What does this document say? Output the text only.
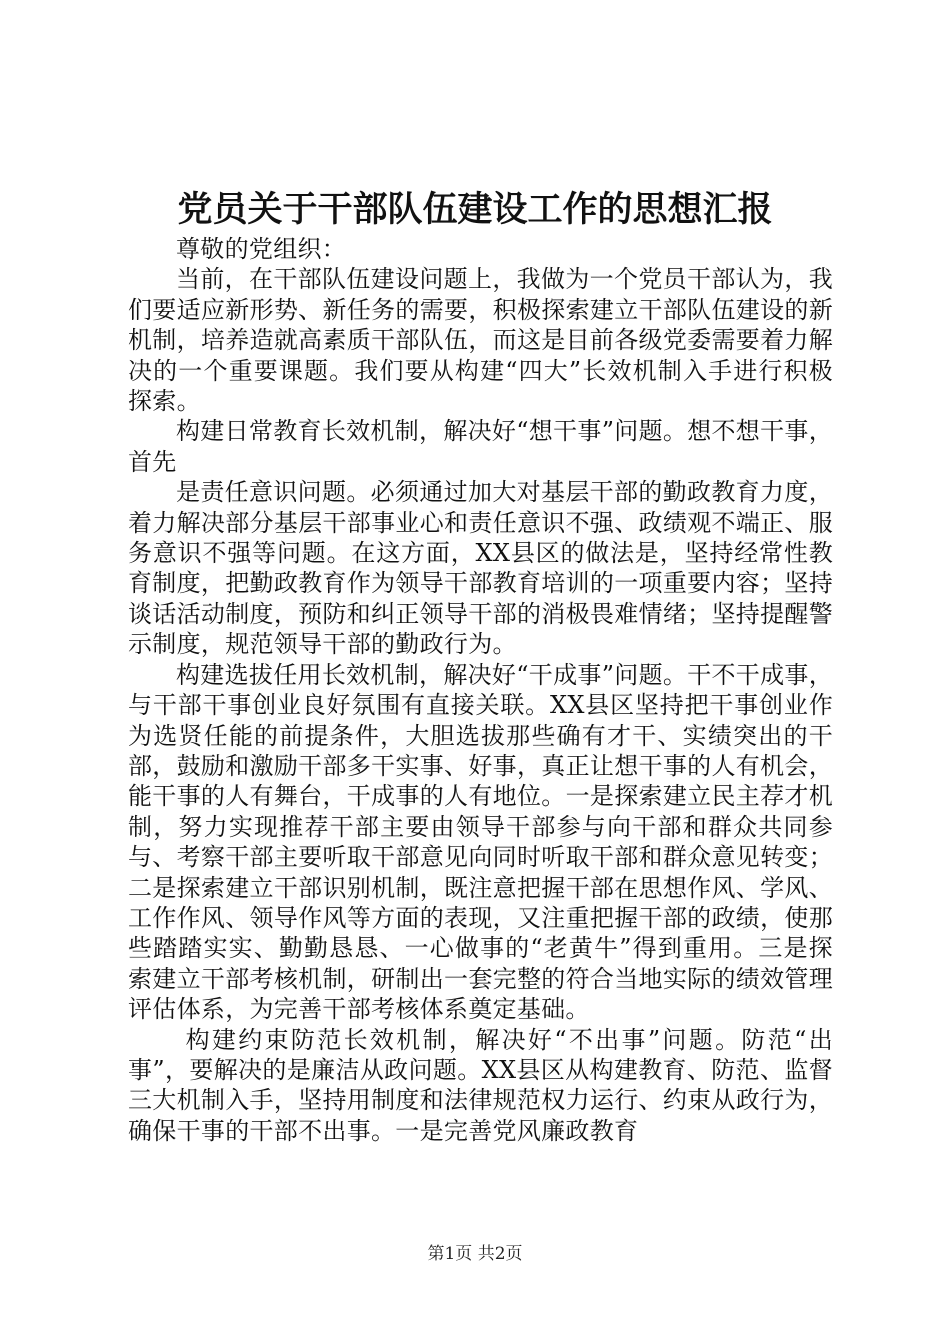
党员关于干部队伍建设工作的思想汇报

尊敬的党组织：

当前，在干部队伍建设问题上，我做为一个党员干部认为，我们要适应新形势、新任务的需要，积极探索建立干部队伍建设的新机制，培养造就高素质干部队伍，而这是目前各级党委需要着力解决的一个重要课题。我们要从构建“四大”长效机制入手进行积极探索。

构建日常教育长效机制，解决好“想干事”问题。想不想干事，首先

是责任意识问题。必须通过加大对基层干部的勤政教育力度，着力解决部分基层干部事业心和责任意识不强、政绩观不端正、服务意识不强等问题。在这方面，XX县区的做法是，坚持经常性教育制度，把勤政教育作为领导干部教育培训的一项重要内容；坚持谈话活动制度，预防和纠正领导干部的消极畏难情绪；坚持提醒警示制度，规范领导干部的勤政行为。

构建选拔任用长效机制，解决好“干成事”问题。干不干成事，与干部干事创业良好氛围有直接关联。XX县区坚持把干事创业作为选贤任能的前提条件，大胆选拔那些确有才干、实绩突出的干部，鼓励和激励干部多干实事、好事，真正让想干事的人有机会，能干事的人有舞台，干成事的人有地位。一是探索建立民主荐才机制，努力实现推荐干部主要由领导干部参与向干部和群众共同参与、考察干部主要听取干部意见向同时听取干部和群众意见转变；二是探索建立干部识别机制，既注意把握干部在思想作风、学风、工作作风、领导作风等方面的表现，又注重把握干部的政绩，使那些踏踏实实、勤勤恳恳、一心做事的“老黄牛”得到重用。三是探索建立干部考核机制，研制出一套完整的符合当地实际的绩效管理评估体系，为完善干部考核体系奠定基础。

构建约束防范长效机制，解决好“不出事”问题。防范“出事”，要解决的是廉洁从政问题。XX县区从构建教育、防范、监督三大机制入手，坚持用制度和法律规范权力运行、约束从政行为，确保干事的干部不出事。一是完善党风廉政教育

第1页 共2页
